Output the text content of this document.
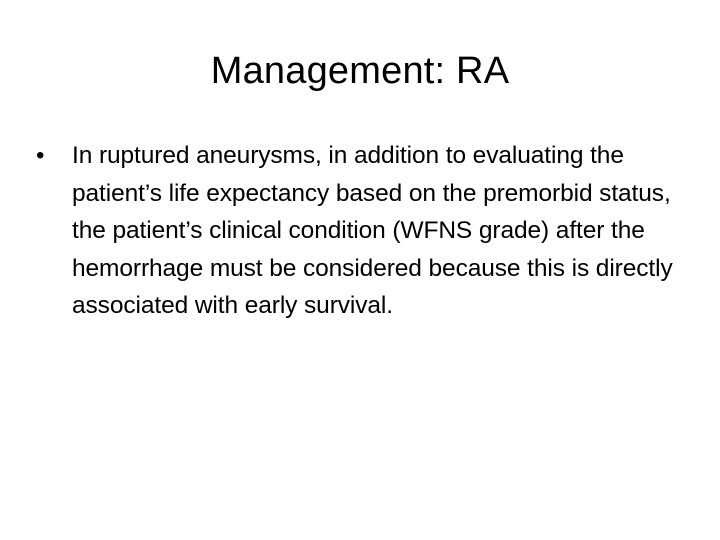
Management: RA
•	In ruptured aneurysms, in addition to evaluating the patient’s life expectancy based on the premorbid status, the patient’s clinical condition (WFNS grade) after the hemorrhage must be considered because this is directly associated with early survival.
